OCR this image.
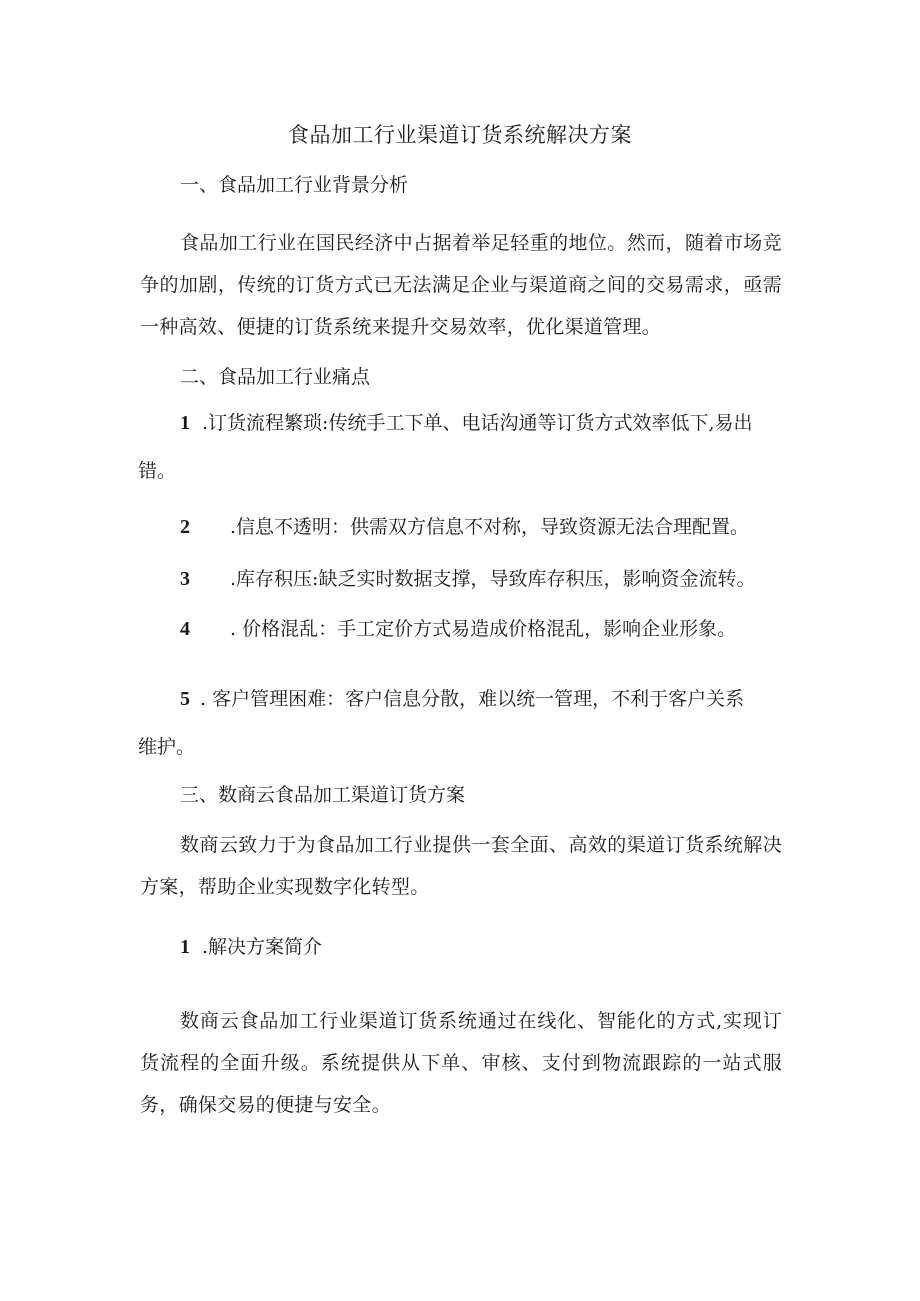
食品加工行业渠道订货系统解决方案
一、食品加工行业背景分析
食品加工行业在国民经济中占据着举足轻重的地位。然而，随着市场竞争的加剧，传统的订货方式已无法满足企业与渠道商之间的交易需求，亟需一种高效、便捷的订货系统来提升交易效率，优化渠道管理。
二、食品加工行业痛点
1 .订货流程繁琐:传统手工下单、电话沟通等订货方式效率低下,易出
错。
2 .信息不透明：供需双方信息不对称，导致资源无法合理配置。
3 .库存积压:缺乏实时数据支撑，导致库存积压，影响资金流转。
4 . 价格混乱：手工定价方式易造成价格混乱，影响企业形象。
5 . 客户管理困难：客户信息分散，难以统一管理，不利于客户关系
维护。
三、数商云食品加工渠道订货方案
数商云致力于为食品加工行业提供一套全面、高效的渠道订货系统解决方案，帮助企业实现数字化转型。
1 .解决方案简介
数商云食品加工行业渠道订货系统通过在线化、智能化的方式,实现订货流程的全面升级。系统提供从下单、审核、支付到物流跟踪的一站式服务，确保交易的便捷与安全。
